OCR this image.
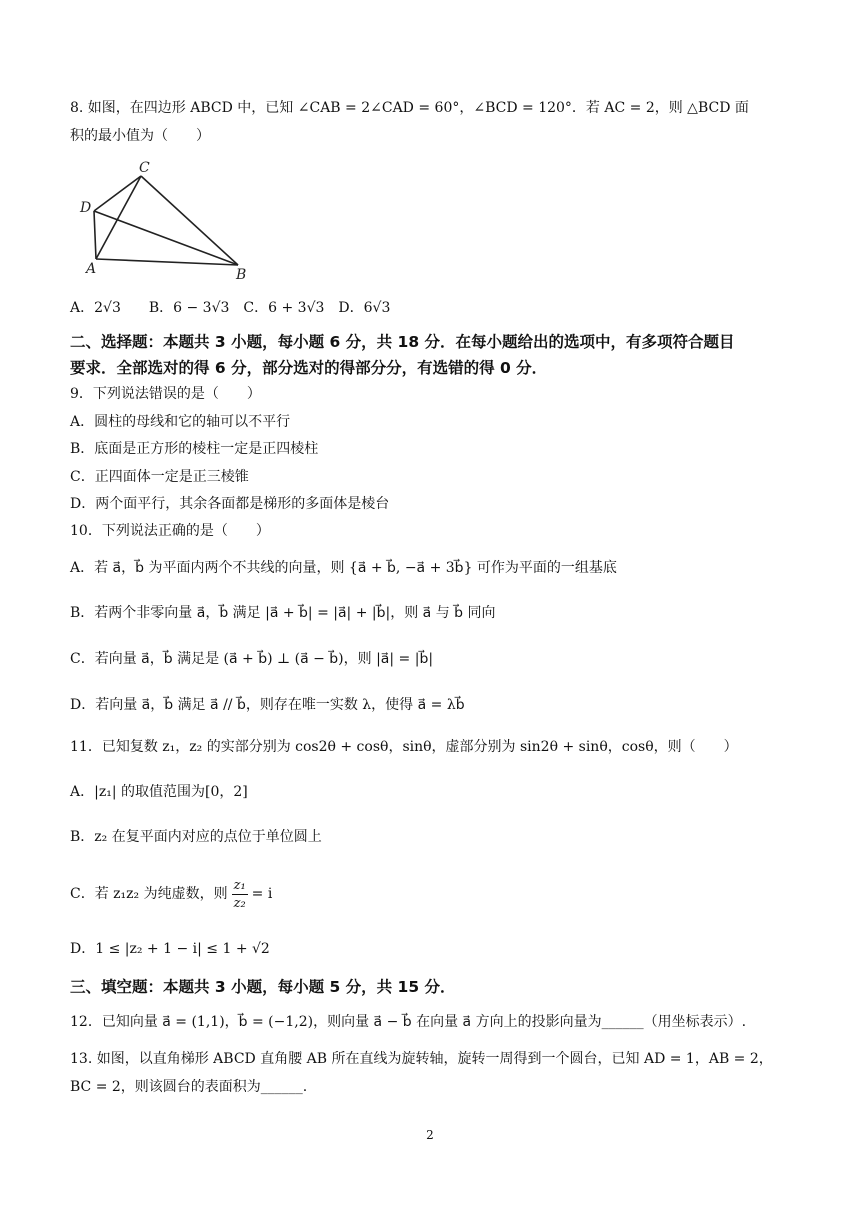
8. 如图，在四边形 ABCD 中，已知 ∠CAB = 2∠CAD = 60°，∠BCD = 120°．若 AC = 2，则 △BCD 面
积的最小值为（　　）
C
D
A	B
A．2√3　　B．6 − 3√3　C．6 + 3√3　D．6√3
二、选择题：本题共 3 小题，每小题 6 分，共 18 分．在每小题给出的选项中，有多项符合题目
要求．全部选对的得 6 分，部分选对的得部分分，有选错的得 0 分．
9．下列说法错误的是（　　）
A．圆柱的母线和它的轴可以不平行
B．底面是正方形的棱柱一定是正四棱柱
C．正四面体一定是正三棱锥
D．两个面平行，其余各面都是梯形的多面体是棱台
10．下列说法正确的是（　　）
A．若 a⃗，b⃗ 为平面内两个不共线的向量，则 {a⃗ + b⃗, −a⃗ + 3b⃗} 可作为平面的一组基底
B．若两个非零向量 a⃗，b⃗ 满足 |a⃗ + b⃗| = |a⃗| + |b⃗|，则 a⃗ 与 b⃗ 同向
C．若向量 a⃗，b⃗ 满足是 (a⃗ + b⃗) ⊥ (a⃗ − b⃗)，则 |a⃗| = |b⃗|
D．若向量 a⃗，b⃗ 满足 a⃗ // b⃗，则存在唯一实数 λ，使得 a⃗ = λb⃗
11．已知复数 z₁，z₂ 的实部分别为 cos2θ + cosθ，sinθ，虚部分别为 sin2θ + sinθ，cosθ，则（　　）
A．|z₁| 的取值范围为[0，2]
B．z₂ 在复平面内对应的点位于单位圆上
C．若 z₁z₂ 为纯虚数，则 $\frac{\text{z₁}}{\text{z₂}} = i$
D．1 ≤ |z₂ + 1 − i| ≤ 1 + √2
三、填空题：本题共 3 小题，每小题 5 分，共 15 分．
12．已知向量 a⃗ = (1,1)，b⃗ = (−1,2)，则向量 a⃗ − b⃗ 在向量 a⃗ 方向上的投影向量为______（用坐标表示）.
13. 如图，以直角梯形 ABCD 直角腰 AB 所在直线为旋转轴，旋转一周得到一个圆台，已知 AD = 1，AB = 2，
BC = 2，则该圆台的表面积为______.
2
